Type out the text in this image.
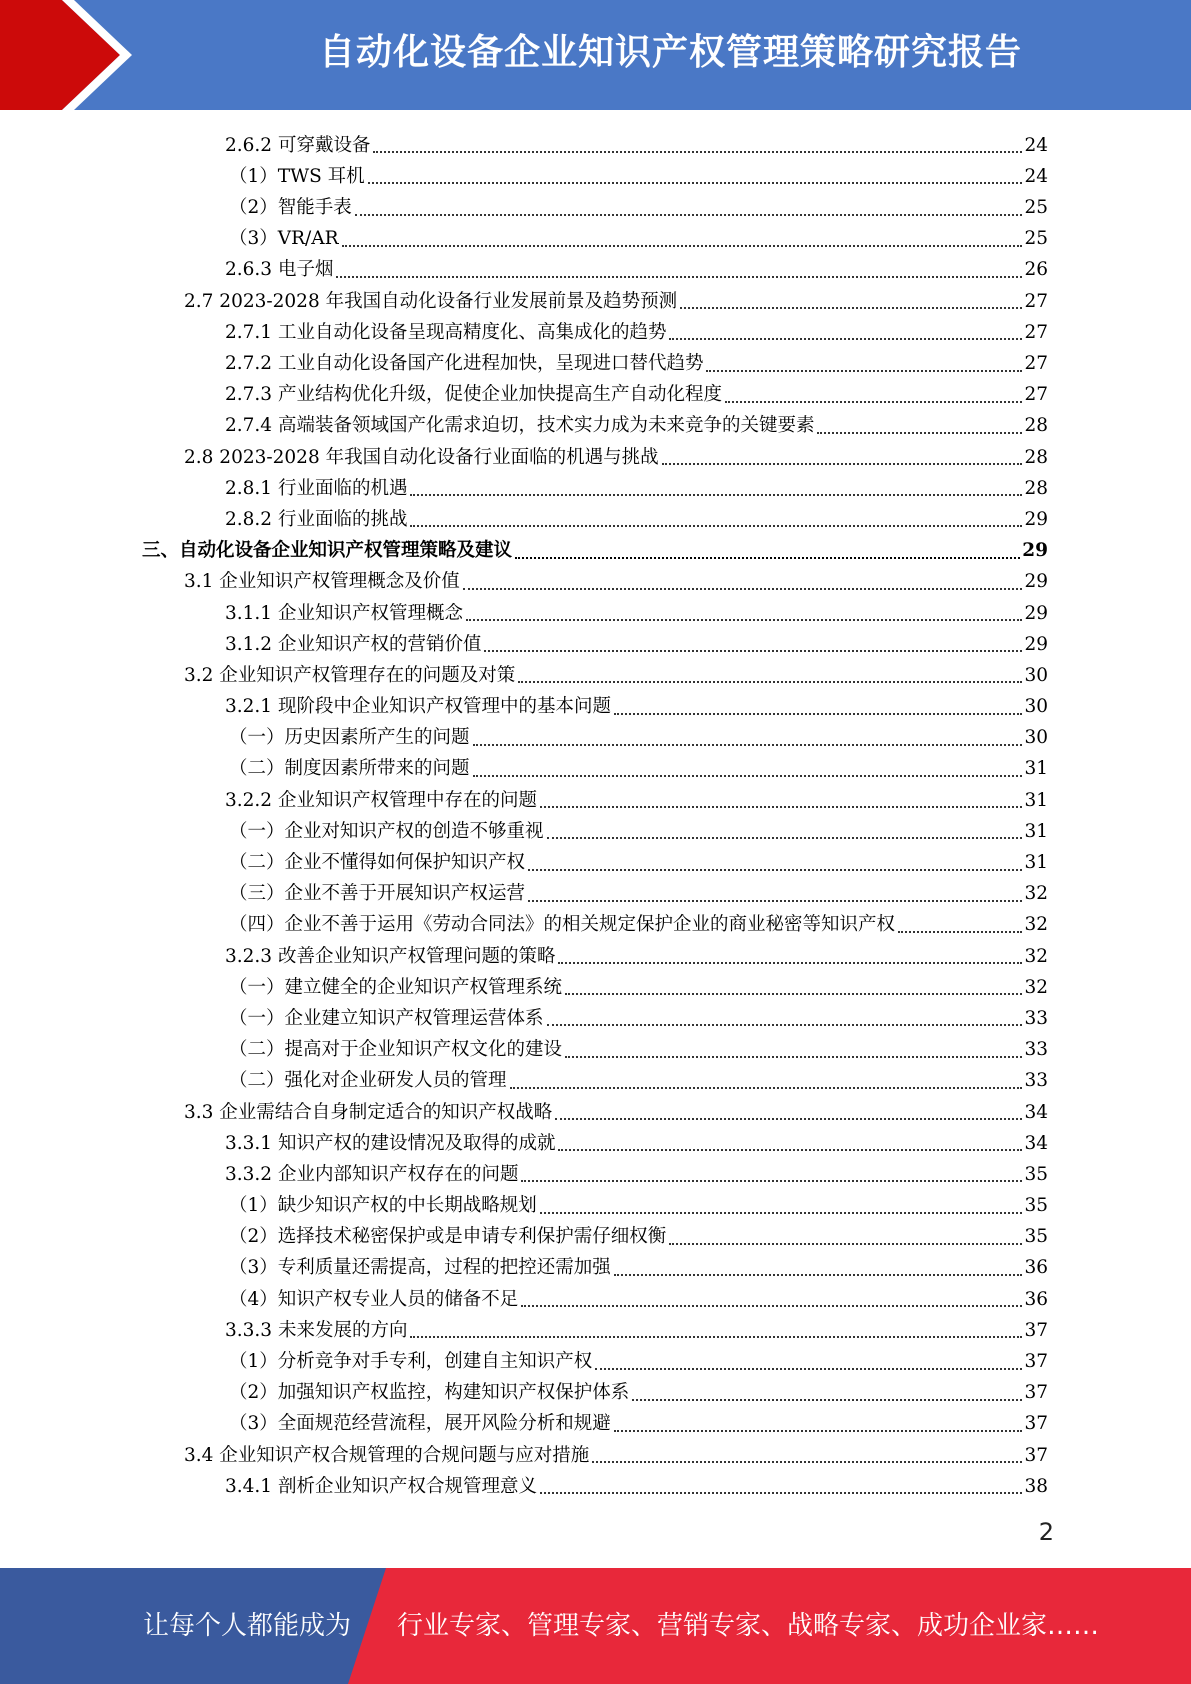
自动化设备企业知识产权管理策略研究报告
2.6.2 可穿戴设备	24
（1）TWS 耳机	24
（2）智能手表	25
（3）VR/AR	25
2.6.3 电子烟	26
2.7 2023-2028 年我国自动化设备行业发展前景及趋势预测	27
2.7.1 工业自动化设备呈现高精度化、高集成化的趋势	27
2.7.2 工业自动化设备国产化进程加快，呈现进口替代趋势	27
2.7.3 产业结构优化升级，促使企业加快提高生产自动化程度	27
2.7.4 高端装备领域国产化需求迫切，技术实力成为未来竞争的关键要素	28
2.8 2023-2028 年我国自动化设备行业面临的机遇与挑战	28
2.8.1 行业面临的机遇	28
2.8.2 行业面临的挑战	29
三、自动化设备企业知识产权管理策略及建议	29
3.1 企业知识产权管理概念及价值	29
3.1.1 企业知识产权管理概念	29
3.1.2 企业知识产权的营销价值	29
3.2 企业知识产权管理存在的问题及对策	30
3.2.1 现阶段中企业知识产权管理中的基本问题	30
（一）历史因素所产生的问题	30
（二）制度因素所带来的问题	31
3.2.2 企业知识产权管理中存在的问题	31
（一）企业对知识产权的创造不够重视	31
（二）企业不懂得如何保护知识产权	31
（三）企业不善于开展知识产权运营	32
（四）企业不善于运用《劳动合同法》的相关规定保护企业的商业秘密等知识产权	32
3.2.3 改善企业知识产权管理问题的策略	32
（一）建立健全的企业知识产权管理系统	32
（一）企业建立知识产权管理运营体系	33
（二）提高对于企业知识产权文化的建设	33
（二）强化对企业研发人员的管理	33
3.3 企业需结合自身制定适合的知识产权战略	34
3.3.1 知识产权的建设情况及取得的成就	34
3.3.2 企业内部知识产权存在的问题	35
（1）缺少知识产权的中长期战略规划	35
（2）选择技术秘密保护或是申请专利保护需仔细权衡	35
（3）专利质量还需提高，过程的把控还需加强	36
（4）知识产权专业人员的储备不足	36
3.3.3 未来发展的方向	37
（1）分析竞争对手专利，创建自主知识产权	37
（2）加强知识产权监控，构建知识产权保护体系	37
（3）全面规范经营流程，展开风险分析和规避	37
3.4 企业知识产权合规管理的合规问题与应对措施	37
3.4.1 剖析企业知识产权合规管理意义	38
2
让每个人都能成为 行业专家、管理专家、营销专家、战略专家、成功企业家……
